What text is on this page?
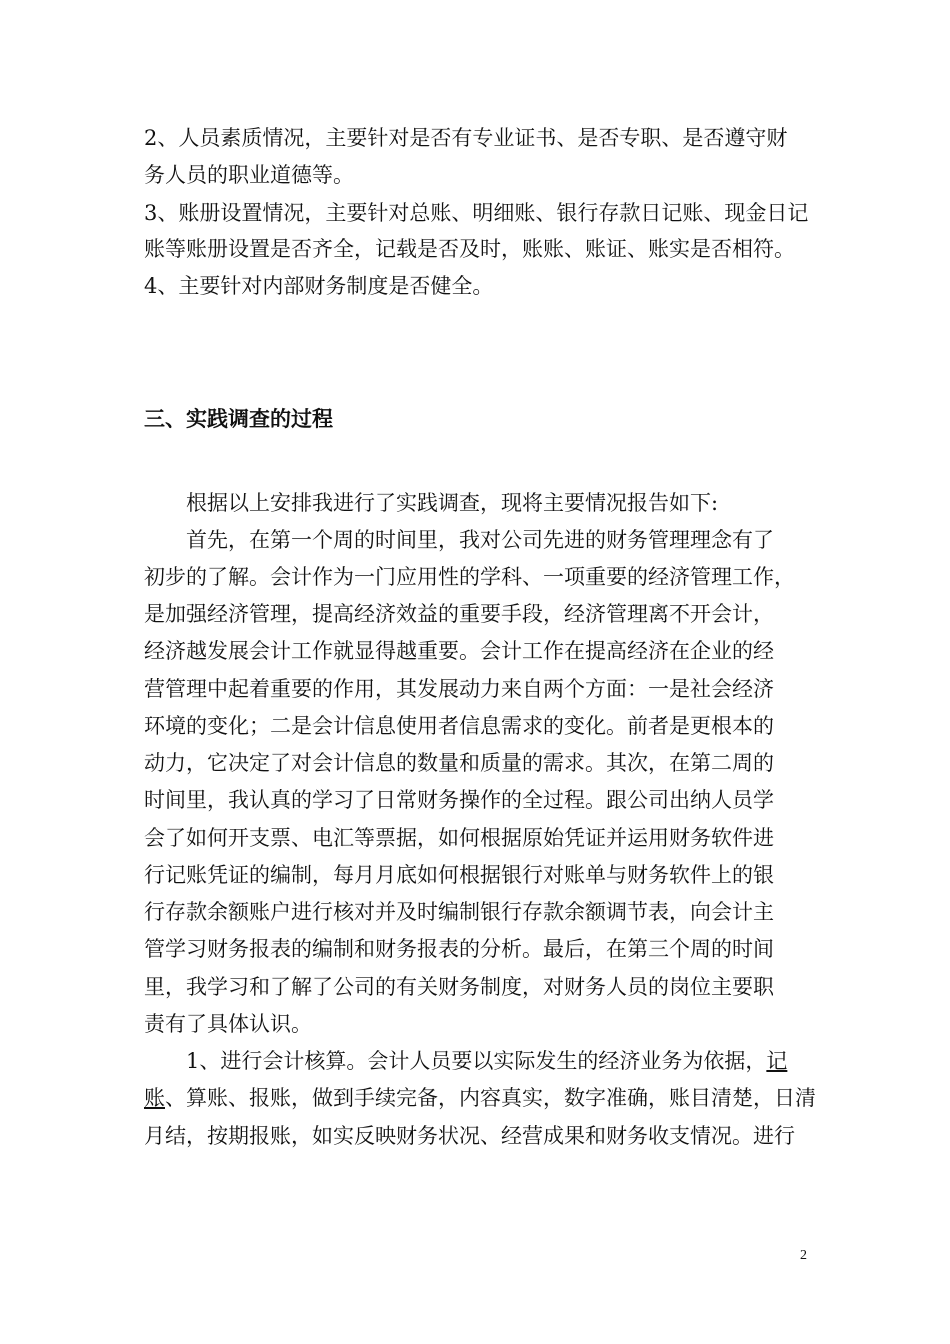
2、人员素质情况，主要针对是否有专业证书、是否专职、是否遵守财
务人员的职业道德等。
3、账册设置情况，主要针对总账、明细账、银行存款日记账、现金日记
账等账册设置是否齐全，记载是否及时，账账、账证、账实是否相符。
4、主要针对内部财务制度是否健全。
三、实践调查的过程
根据以上安排我进行了实践调查，现将主要情况报告如下:
首先，在第一个周的时间里，我对公司先进的财务管理理念有了
初步的了解。会计作为一门应用性的学科、一项重要的经济管理工作，
是加强经济管理，提高经济效益的重要手段，经济管理离不开会计，
经济越发展会计工作就显得越重要。会计工作在提高经济在企业的经
营管理中起着重要的作用，其发展动力来自两个方面：一是社会经济
环境的变化；二是会计信息使用者信息需求的变化。前者是更根本的
动力，它决定了对会计信息的数量和质量的需求。其次，在第二周的
时间里，我认真的学习了日常财务操作的全过程。跟公司出纳人员学
会了如何开支票、电汇等票据，如何根据原始凭证并运用财务软件进
行记账凭证的编制，每月月底如何根据银行对账单与财务软件上的银
行存款余额账户进行核对并及时编制银行存款余额调节表，向会计主
管学习财务报表的编制和财务报表的分析。最后，在第三个周的时间
里，我学习和了解了公司的有关财务制度，对财务人员的岗位主要职
责有了具体认识。
1、进行会计核算。会计人员要以实际发生的经济业务为依据，记
账、算账、报账，做到手续完备，内容真实，数字准确，账目清楚，日清
月结，按期报账，如实反映财务状况、经营成果和财务收支情况。进行
2
